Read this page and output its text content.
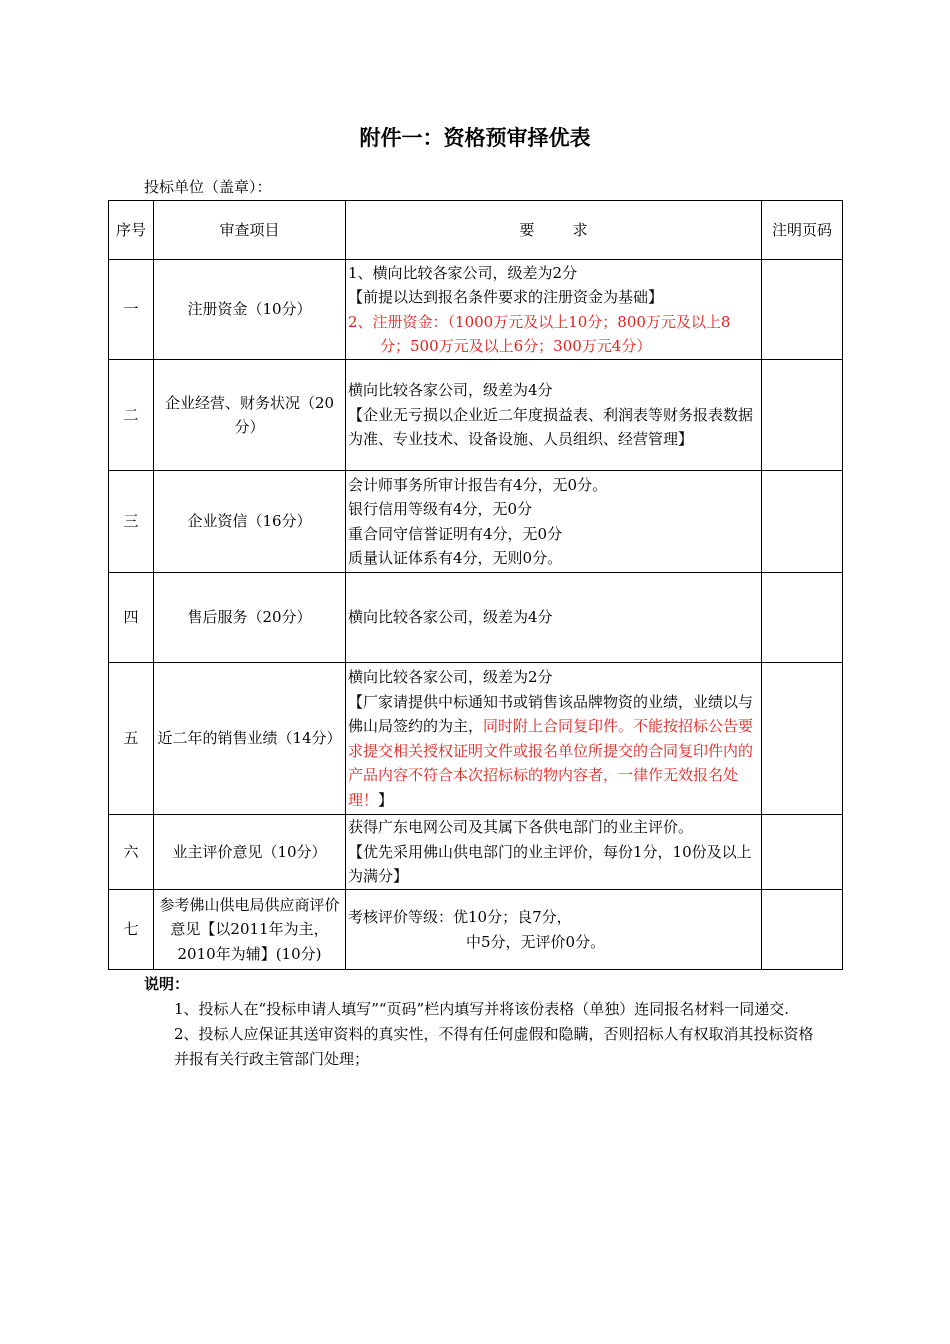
附件一：资格预审择优表
投标单位（盖章）：
序号	审查项目	要        求	注明页码
一	注册资金（10分）	1、横向比较各家公司，级差为2分
【前提以达到报名条件要求的注册资金为基础】
2、注册资金：（1000万元及以上10分；800万元及以上8
分；500万元及以上6分；300万元4分）	

二	企业经营、财务状况（20分）	横向比较各家公司，级差为4分
【企业无亏损以企业近二年度损益表、利润表等财务报表数据为准、专业技术、设备设施、人员组织、经营管理】	

三	企业资信（16分）	会计师事务所审计报告有4分，无0分。
银行信用等级有4分，无0分
重合同守信誉证明有4分，无0分
质量认证体系有4分，无则0分。	

四	售后服务（20分）	横向比较各家公司，级差为4分	

五	近二年的销售业绩（14分）	横向比较各家公司，级差为2分
【厂家请提供中标通知书或销售该品牌物资的业绩，业绩以与佛山局签约的为主，同时附上合同复印件。不能按招标公告要求提交相关授权证明文件或报名单位所提交的合同复印件内的产品内容不符合本次招标标的物内容者，一律作无效报名处理！】	

六	业主评价意见（10分）	获得广东电网公司及其属下各供电部门的业主评价。
【优先采用佛山供电部门的业主评价，每份1分，10份及以上为满分】	

七	参考佛山供电局供应商评价意见【以2011年为主，2010年为辅】(10分)	考核评价等级：优10分；良7分，
中5分，无评价0分。	

说明：
1、投标人在“投标申请人填写”“页码”栏内填写并将该份表格（单独）连同报名材料一同递交.
2、投标人应保证其送审资料的真实性，不得有任何虚假和隐瞒，否则招标人有权取消其投标资格并报有关行政主管部门处理；
